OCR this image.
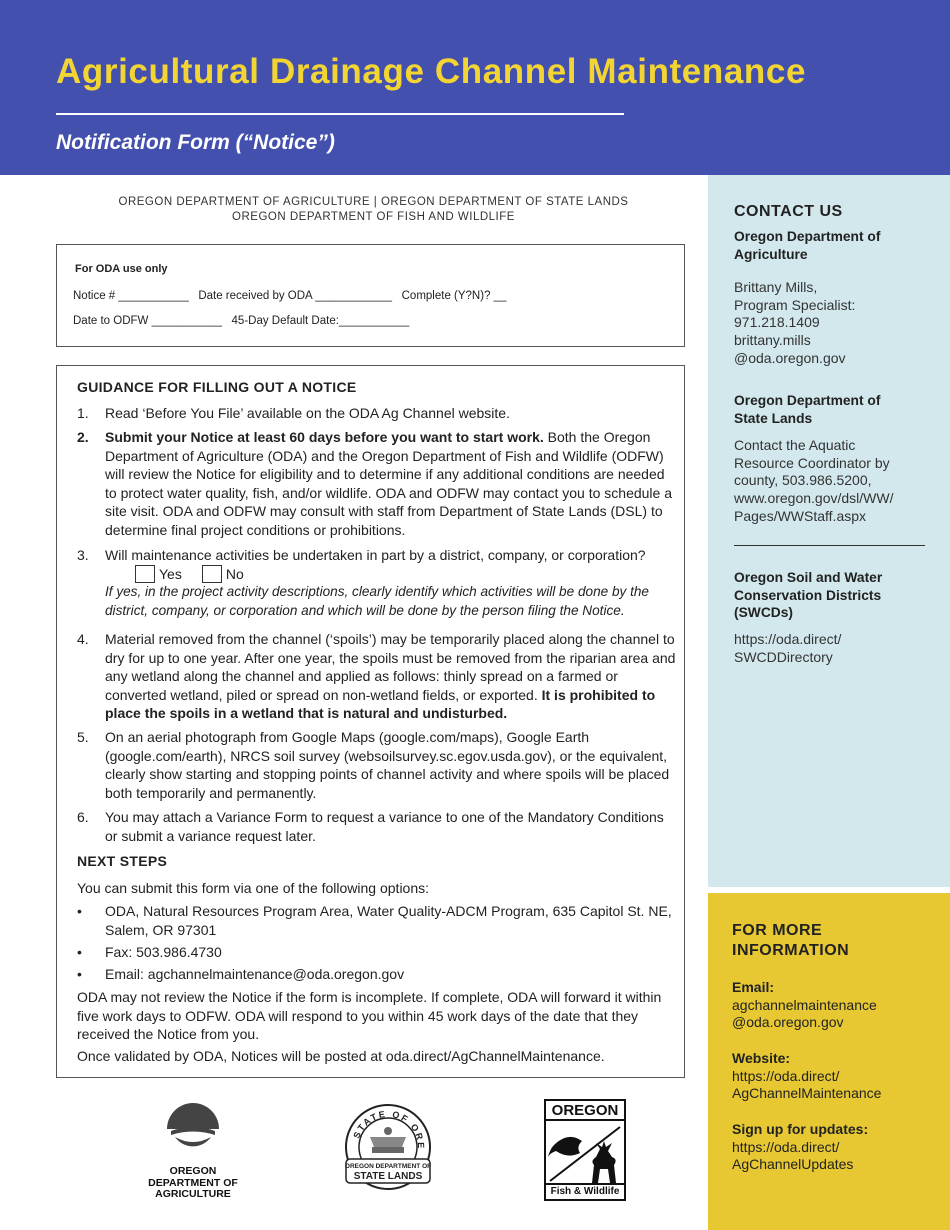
Agricultural Drainage Channel Maintenance
Notification Form (“Notice”)
OREGON DEPARTMENT OF AGRICULTURE | OREGON DEPARTMENT OF STATE LANDS
OREGON DEPARTMENT OF FISH AND WILDLIFE
For ODA use only
Notice # ___________   Date received by ODA ____________   Complete (Y?N)? __
Date to ODFW ___________   45-Day Default Date:___________
GUIDANCE FOR FILLING OUT A NOTICE
1. Read ‘Before You File’ available on the ODA Ag Channel website.
2. Submit your Notice at least 60 days before you want to start work. Both the Oregon Department of Agriculture (ODA) and the Oregon Department of Fish and Wildlife (ODFW) will review the Notice for eligibility and to determine if any additional conditions are needed to protect water quality, fish, and/or wildlife. ODA and ODFW may contact you to schedule a site visit. ODA and ODFW may consult with staff from Department of State Lands (DSL) to determine final project conditions or prohibitions.
3. Will maintenance activities be undertaken in part by a district, company, or corporation?Yes	No
If yes, in the project activity descriptions, clearly identify which activities will be done by the district, company, or corporation and which will be done by the person filing the Notice.
4. Material removed from the channel (‘spoils’) may be temporarily placed along the channel to dry for up to one year. After one year, the spoils must be removed from the riparian area and any wetland along the channel and applied as follows: thinly spread on a farmed or converted wetland, piled or spread on non-wetland fields, or exported. It is prohibited to place the spoils in a wetland that is natural and undisturbed.
5. On an aerial photograph from Google Maps (google.com/maps), Google Earth (google.com/earth), NRCS soil survey (websoilsurvey.sc.egov.usda.gov), or the equivalent, clearly show starting and stopping points of channel activity and where spoils will be placed both temporarily and permanently.
6. You may attach a Variance Form to request a variance to one of the Mandatory Conditions or submit a variance request later.
NEXT STEPS

You can submit this form via one of the following options:

• ODA, Natural Resources Program Area, Water Quality-ADCM Program, 635 Capitol St. NE, Salem, OR 97301
• Fax: 503.986.4730
• Email: agchannelmaintenance@oda.oregon.gov

ODA may not review the Notice if the form is incomplete. If complete, ODA will forward it within five work days to ODFW. ODA will respond to you within 45 work days of the date that they received the Notice from you.

Once validated by ODA, Notices will be posted at oda.direct/AgChannelMaintenance.

OREGON
DEPARTMENT OF
AGRICULTURE
STATE OF ORE
OREGON DEPARTMENT OF
STATE LANDS
OREGON
Fish & Wildlife
CONTACT US
Oregon Department of Agriculture
Brittany Mills,
Program Specialist:
971.218.1409
brittany.mills
@oda.oregon.gov
Oregon Department of State Lands
Contact the Aquatic Resource Coordinator by county, 503.986.5200, www.oregon.gov/dsl/WW/ Pages/WWStaff.aspx
Oregon Soil and Water Conservation Districts (SWCDs)
https://oda.direct/
SWCDDirectory
FOR MORE INFORMATION
Email:
agchannelmaintenance
@oda.oregon.gov
Website:
https://oda.direct/
AgChannelMaintenance
Sign up for updates:
https://oda.direct/
AgChannelUpdates
